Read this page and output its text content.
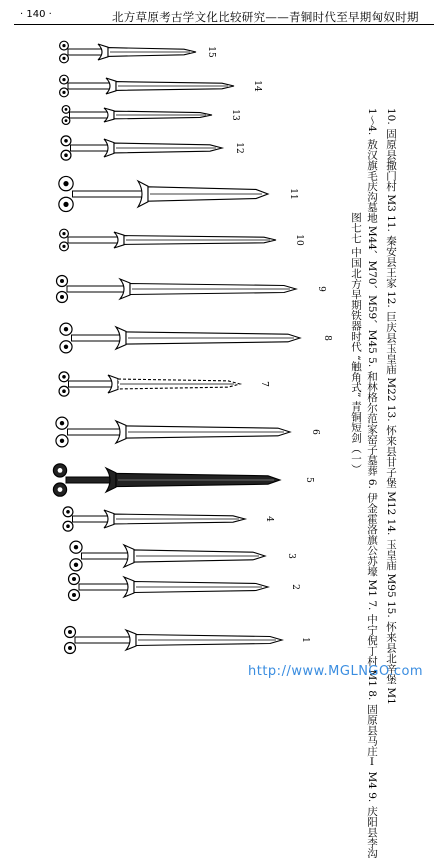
· 140 ·	北方草原考古学文化比较研究——青铜时代至早期匈奴时期
1
2
3
4
5
6
7
8
9
10
11
12
13
14
15
图七七 中国北方早期铁器时代 “触角式” 青铜短剑（一） 1～4. 敖汉旗毛庆沟墓地 M44、M70、M59、M45 5. 和林格尔范家窑子墓葬 6. 伊金霍洛旗公苏壕 M1 7. 中宁倪丁村 M1 8. 固原县马庄Ⅰ M4 9. 庆阳县李沟 10. 固原县撒门村 M3 11. 秦安县王家 12. 巨庆县玉皇庙 M22 13. 怀来县甘子堡 M12 14. 玉皇庙 M95 15. 怀来县北辛堡 M1
http://www.MGLNGO.com
